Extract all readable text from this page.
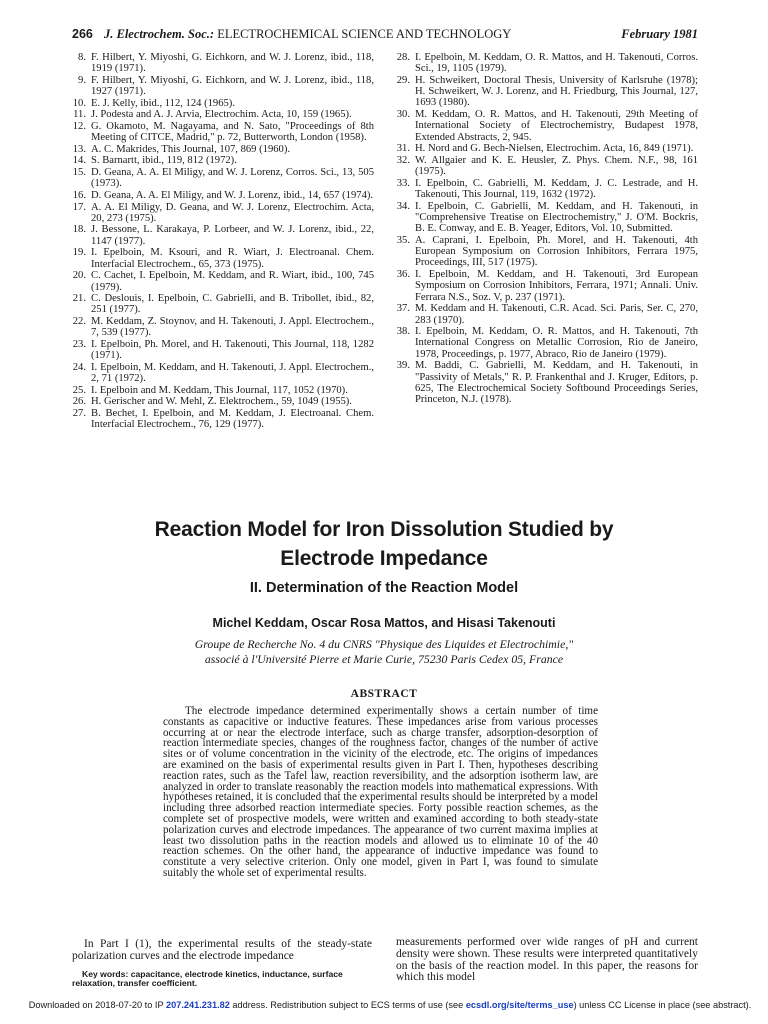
266 J. Electrochem. Soc.: ELECTROCHEMICAL SCIENCE AND TECHNOLOGY	February 1981
8. F. Hilbert, Y. Miyoshi, G. Eichkorn, and W. J. Lorenz, ibid., 118, 1919 (1971).
9. F. Hilbert, Y. Miyoshi, G. Eichkorn, and W. J. Lorenz, ibid., 118, 1927 (1971).
10. E. J. Kelly, ibid., 112, 124 (1965).
11. J. Podesta and A. J. Arvia, Electrochim. Acta, 10, 159 (1965).
12. G. Okamoto, M. Nagayama, and N. Sato, "Proceedings of 8th Meeting of CITCE, Madrid," p. 72, Butterworth, London (1958).
13. A. C. Makrides, This Journal, 107, 869 (1960).
14. S. Barnartt, ibid., 119, 812 (1972).
15. D. Geana, A. A. El Miligy, and W. J. Lorenz, Corros. Sci., 13, 505 (1973).
16. D. Geana, A. A. El Miligy, and W. J. Lorenz, ibid., 14, 657 (1974).
17. A. A. El Miligy, D. Geana, and W. J. Lorenz, Electrochim. Acta, 20, 273 (1975).
18. J. Bessone, L. Karakaya, P. Lorbeer, and W. J. Lorenz, ibid., 22, 1147 (1977).
19. I. Epelboin, M. Ksouri, and R. Wiart, J. Electroanal. Chem. Interfacial Electrochem., 65, 373 (1975).
20. C. Cachet, I. Epelboin, M. Keddam, and R. Wiart, ibid., 100, 745 (1979).
21. C. Deslouis, I. Epelboin, C. Gabrielli, and B. Tribollet, ibid., 82, 251 (1977).
22. M. Keddam, Z. Stoynov, and H. Takenouti, J. Appl. Electrochem., 7, 539 (1977).
23. I. Epelboin, Ph. Morel, and H. Takenouti, This Journal, 118, 1282 (1971).
24. I. Epelboin, M. Keddam, and H. Takenouti, J. Appl. Electrochem., 2, 71 (1972).
25. I. Epelboin and M. Keddam, This Journal, 117, 1052 (1970).
26. H. Gerischer and W. Mehl, Z. Elektrochem., 59, 1049 (1955).
27. B. Bechet, I. Epelboin, and M. Keddam, J. Electroanal. Chem. Interfacial Electrochem., 76, 129 (1977).
28. I. Epelboin, M. Keddam, O. R. Mattos, and H. Takenouti, Corros. Sci., 19, 1105 (1979).
29. H. Schweikert, Doctoral Thesis, University of Karlsruhe (1978); H. Schweikert, W. J. Lorenz, and H. Friedburg, This Journal, 127, 1693 (1980).
30. M. Keddam, O. R. Mattos, and H. Takenouti, 29th Meeting of International Society of Electrochemistry, Budapest 1978, Extended Abstracts, 2, 945.
31. H. Nord and G. Bech-Nielsen, Electrochim. Acta, 16, 849 (1971).
32. W. Allgaier and K. E. Heusler, Z. Phys. Chem. N.F., 98, 161 (1975).
33. I. Epelboin, C. Gabrielli, M. Keddam, J. C. Lestrade, and H. Takenouti, This Journal, 119, 1632 (1972).
34. I. Epelboin, C. Gabrielli, M. Keddam, and H. Takenouti, in "Comprehensive Treatise on Electrochemistry," J. O'M. Bockris, B. E. Conway, and E. B. Yeager, Editors, Vol. 10, Submitted.
35. A. Caprani, I. Epelboin, Ph. Morel, and H. Takenouti, 4th European Symposium on Corrosion Inhibitors, Ferrara 1975, Proceedings, III, 517 (1975).
36. I. Epelboin, M. Keddam, and H. Takenouti, 3rd European Symposium on Corrosion Inhibitors, Ferrara, 1971; Annali. Univ. Ferrara N.S., Soz. V, p. 237 (1971).
37. M. Keddam and H. Takenouti, C.R. Acad. Sci. Paris, Ser. C, 270, 283 (1970).
38. I. Epelboin, M. Keddam, O. R. Mattos, and H. Takenouti, 7th International Congress on Metallic Corrosion, Rio de Janeiro, 1978, Proceedings, p. 1977, Abraco, Rio de Janeiro (1979).
39. M. Baddi, C. Gabrielli, M. Keddam, and H. Takenouti, in "Passivity of Metals," R. P. Frankenthal and J. Kruger, Editors, p. 625, The Electrochemical Society Softbound Proceedings Series, Princeton, N.J. (1978).
Reaction Model for Iron Dissolution Studied by
Electrode Impedance
II. Determination of the Reaction Model
Michel Keddam, Oscar Rosa Mattos, and Hisasi Takenouti
Groupe de Recherche No. 4 du CNRS "Physique des Liquides et Electrochimie,"
associé à l'Université Pierre et Marie Curie, 75230 Paris Cedex 05, France
ABSTRACT
The electrode impedance determined experimentally shows a certain number of time constants as capacitive or inductive features. These impedances arise from various processes occurring at or near the electrode interface, such as charge transfer, adsorption-desorption of reaction intermediate species, changes of the roughness factor, changes of the number of active sites or of volume concentration in the vicinity of the electrode, etc. The origins of impedances are examined on the basis of experimental results given in Part I. Then, hypotheses describing reaction rates, such as the Tafel law, reaction reversibility, and the adsorption isotherm law, are analyzed in order to translate reasonably the reaction models into mathematical expressions. With hypotheses retained, it is concluded that the experimental results should be interpreted by a model including three adsorbed reaction intermediate species. Forty possible reaction schemes, as the complete set of prospective models, were written and examined according to both steady-state polarization curves and electrode impedances. The appearance of two current maxima implies at least two dissolution paths in the reaction models and allowed us to eliminate 10 of the 40 reaction schemes. On the other hand, the appearance of inductive impedance was found to constitute a very selective criterion. Only one model, given in Part I, was found to simulate suitably the whole set of experimental results.
In Part I (1), the experimental results of the steady-state polarization curves and the electrode impedance
Key words: capacitance, electrode kinetics, inductance, surface relaxation, transfer coefficient.
measurements performed over wide ranges of pH and current density were shown. These results were interpreted quantitatively on the basis of the reaction model. In this paper, the reasons for which this model
Downloaded on 2018-07-20 to IP 207.241.231.82 address. Redistribution subject to ECS terms of use (see ecsdl.org/site/terms_use) unless CC License in place (see abstract).
